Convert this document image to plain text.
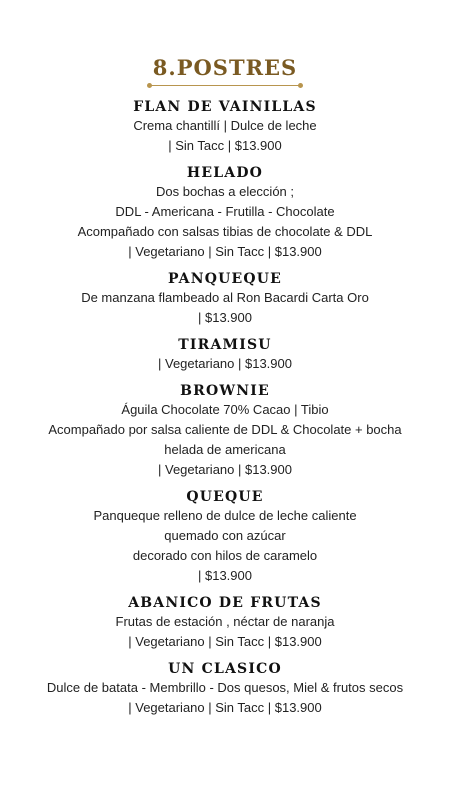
8.POSTRES
FLAN DE VAINILLAS
Crema chantillí | Dulce de leche
| Sin Tacc | $13.900
HELADO
Dos bochas a elección ;
DDL - Americana - Frutilla - Chocolate
Acompañado con salsas tibias de chocolate & DDL
| Vegetariano | Sin Tacc | $13.900
PANQUEQUE
De manzana flambeado al Ron Bacardi Carta Oro
| $13.900
TIRAMISU
| Vegetariano | $13.900
BROWNIE
Águila Chocolate 70% Cacao | Tibio
Acompañado por salsa caliente de DDL & Chocolate + bocha
helada de americana
| Vegetariano | $13.900
QUEQUE
Panqueque relleno de dulce de leche caliente
quemado con azúcar
decorado con hilos de caramelo
| $13.900
ABANICO DE FRUTAS
Frutas de estación , néctar de naranja
| Vegetariano | Sin Tacc | $13.900
UN CLASICO
Dulce de batata - Membrillo - Dos quesos, Miel & frutos secos
| Vegetariano | Sin Tacc | $13.900
